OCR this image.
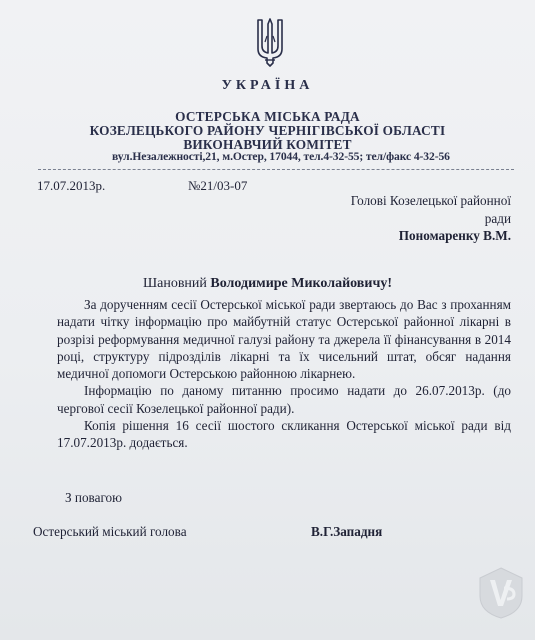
УКРАЇНА
ОСТЕРСЬКА МІСЬКА РАДА
КОЗЕЛЕЦЬКОГО РАЙОНУ ЧЕРНІГІВСЬКОЇ ОБЛАСТІ
ВИКОНАВЧИЙ КОМІТЕТ
вул.Незалежності,21, м.Остер, 17044, тел.4-32-55; тел/факс 4-32-56
17.07.2013р.	№21/03-07
Голові Козелецької районної
ради
Пономаренку В.М.
Шановний Володимире Миколайовичу!

За дорученням сесії Остерської міської ради звертаюсь до Вас з проханням надати чітку інформацію про майбутній статус Остерської районної лікарні в розрізі реформування медичної галузі району та джерела її фінансування в 2014 році, структуру підрозділів лікарні та їх чисельний штат, обсяг надання медичної допомоги Остерською районною лікарнею.

Інформацію по даному питанню просимо надати до 26.07.2013р. (до чергової сесії Козелецької районної ради).

Копія рішення 16 сесії шостого скликання Остерської міської ради від 17.07.2013р. додається.

З повагою
Остерський міський голова	В.Г.Западня
